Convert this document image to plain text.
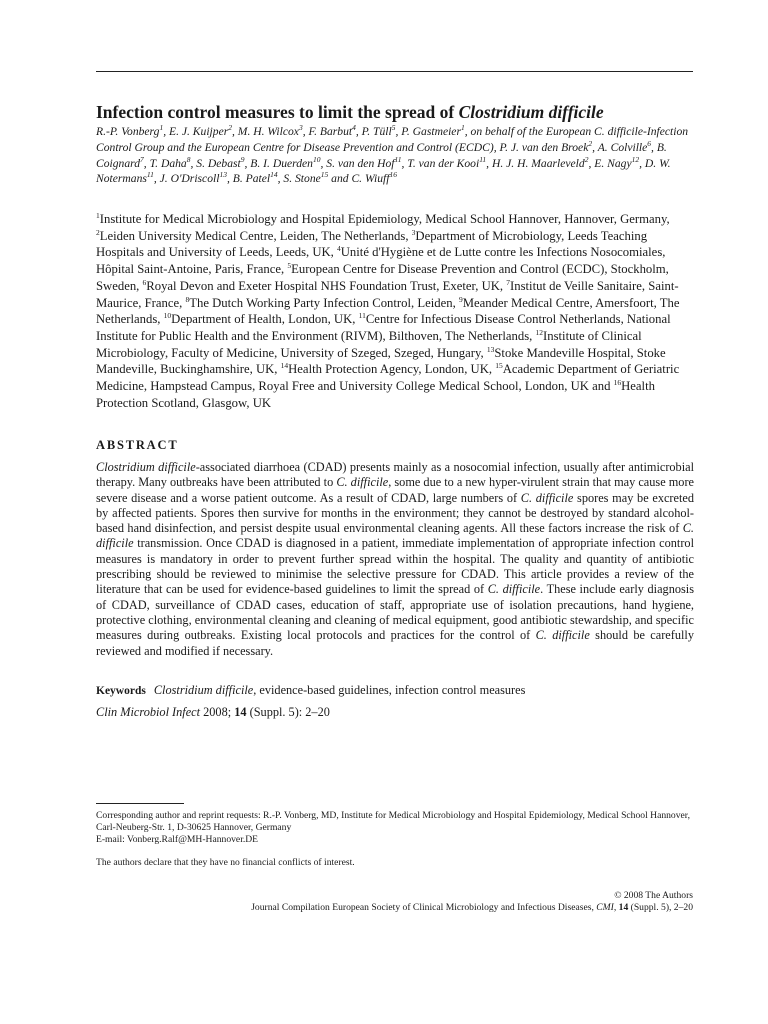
Infection control measures to limit the spread of Clostridium difficile
R.-P. Vonberg$^1$, E. J. Kuijper$^2$, M. H. Wilcox$^3$, F. Barbut$^4$, P. Tüll$^5$, P. Gastmeier$^1$, on behalf of the European C. difficile-Infection Control Group and the European Centre for Disease Prevention and Control (ECDC), P. J. van den Broek$^2$, A. Colville$^6$, B. Coignard$^7$, T. Daha$^8$, S. Debast$^9$, B. I. Duerden$^{10}$, S. van den Hof$^{11}$, T. van der Kooi$^{11}$, H. J. H. Maarleveld$^2$, E. Nagy$^{12}$, D. W. Notermans$^{11}$, J. O'Driscoll$^{13}$, B. Patel$^{14}$, S. Stone$^{15}$ and C. Wiuff$^{16}$
$^1$Institute for Medical Microbiology and Hospital Epidemiology, Medical School Hannover, Hannover, Germany, $^2$Leiden University Medical Centre, Leiden, The Netherlands, $^3$Department of Microbiology, Leeds Teaching Hospitals and University of Leeds, Leeds, UK, $^4$Unité d'Hygiène et de Lutte contre les Infections Nosocomiales, Hôpital Saint-Antoine, Paris, France, $^5$European Centre for Disease Prevention and Control (ECDC), Stockholm, Sweden, $^6$Royal Devon and Exeter Hospital NHS Foundation Trust, Exeter, UK, $^7$Institut de Veille Sanitaire, Saint-Maurice, France, $^8$The Dutch Working Party Infection Control, Leiden, $^9$Meander Medical Centre, Amersfoort, The Netherlands, $^{10}$Department of Health, London, UK, $^{11}$Centre for Infectious Disease Control Netherlands, National Institute for Public Health and the Environment (RIVM), Bilthoven, The Netherlands, $^{12}$Institute of Clinical Microbiology, Faculty of Medicine, University of Szeged, Szeged, Hungary, $^{13}$Stoke Mandeville Hospital, Stoke Mandeville, Buckinghamshire, UK, $^{14}$Health Protection Agency, London, UK, $^{15}$Academic Department of Geriatric Medicine, Hampstead Campus, Royal Free and University College Medical School, London, UK and $^{16}$Health Protection Scotland, Glasgow, UK
ABSTRACT
Clostridium difficile-associated diarrhoea (CDAD) presents mainly as a nosocomial infection, usually after antimicrobial therapy. Many outbreaks have been attributed to C. difficile, some due to a new hyper-virulent strain that may cause more severe disease and a worse patient outcome. As a result of CDAD, large numbers of C. difficile spores may be excreted by affected patients. Spores then survive for months in the environment; they cannot be destroyed by standard alcohol-based hand disinfection, and persist despite usual environmental cleaning agents. All these factors increase the risk of C. difficile transmission. Once CDAD is diagnosed in a patient, immediate implementation of appropriate infection control measures is mandatory in order to prevent further spread within the hospital. The quality and quantity of antibiotic prescribing should be reviewed to minimise the selective pressure for CDAD. This article provides a review of the literature that can be used for evidence-based guidelines to limit the spread of C. difficile. These include early diagnosis of CDAD, surveillance of CDAD cases, education of staff, appropriate use of isolation precautions, hand hygiene, protective clothing, environmental cleaning and cleaning of medical equipment, good antibiotic stewardship, and specific measures during outbreaks. Existing local protocols and practices for the control of C. difficile should be carefully reviewed and modified if necessary.
Keywords Clostridium difficile, evidence-based guidelines, infection control measures
Clin Microbiol Infect 2008; 14 (Suppl. 5): 2–20

Corresponding author and reprint requests: R.-P. Vonberg, MD, Institute for Medical Microbiology and Hospital Epidemiology, Medical School Hannover, Carl-Neuberg-Str. 1, D-30625 Hannover, Germany

E-mail: Vonberg.Ralf@MH-Hannover.DE

The authors declare that they have no financial conflicts of interest.

© 2008 The Authors
Journal Compilation European Society of Clinical Microbiology and Infectious Diseases, CMI, 14 (Suppl. 5), 2–20
